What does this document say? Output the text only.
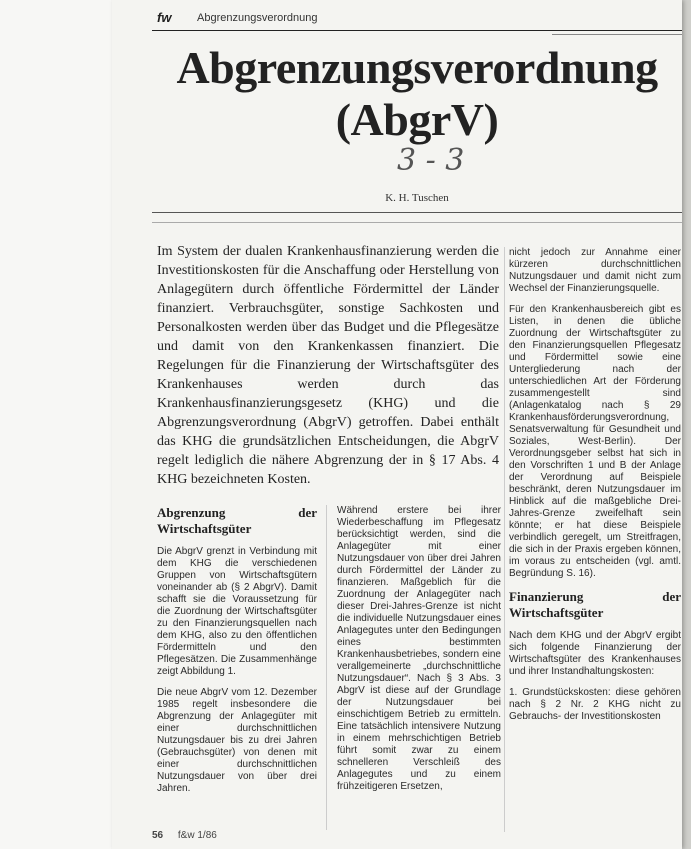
fw Abgrenzungsverordnung
Abgrenzungsverordnung
(AbgrV)
3 - 3
K. H. Tuschen
Im System der dualen Krankenhausfinanzierung werden die Investitionskosten für die Anschaffung oder Herstellung von Anlagegütern durch öffentliche Fördermittel der Länder finanziert. Verbrauchsgüter, sonstige Sachkosten und Personalkosten werden über das Budget und die Pflegesätze und damit von den Krankenkassen finanziert. Die Regelungen für die Finanzierung der Wirtschaftsgüter des Krankenhauses werden durch das Krankenhausfinanzierungsgesetz (KHG) und die Abgrenzungsverordnung (AbgrV) getroffen. Dabei enthält das KHG die grundsätzlichen Entscheidungen, die AbgrV regelt lediglich die nähere Abgrenzung der in § 17 Abs. 4 KHG bezeichneten Kosten.
Abgrenzung der Wirtschaftsgüter

Die AbgrV grenzt in Verbindung mit dem KHG die verschiedenen Gruppen von Wirtschaftsgütern voneinander ab (§ 2 AbgrV). Damit schafft sie die Voraussetzung für die Zuordnung der Wirtschaftsgüter zu den Finanzierungsquellen nach dem KHG, also zu den öffentlichen Fördermitteln und den Pflegesätzen. Die Zusammenhänge zeigt Abbildung 1.

Die neue AbgrV vom 12. Dezember 1985 regelt insbesondere die Abgrenzung der Anlagegüter mit einer durchschnittlichen Nutzungsdauer bis zu drei Jahren (Gebrauchsgüter) von denen mit einer durchschnittlichen Nutzungsdauer von über drei Jahren.

Während erstere bei ihrer Wiederbeschaffung im Pflegesatz berücksichtigt werden, sind die Anlagegüter mit einer Nutzungsdauer von über drei Jahren durch Fördermittel der Länder zu finanzieren. Maßgeblich für die Zuordnung der Anlagegüter nach dieser Drei-Jahres-Grenze ist nicht die individuelle Nutzungsdauer eines Anlagegutes unter den Bedingungen eines bestimmten Krankenhausbetriebes, sondern eine verallgemeinerte „durchschnittliche Nutzungsdauer“. Nach § 3 Abs. 3 AbgrV ist diese auf der Grundlage der Nutzungsdauer bei einschichtigem Betrieb zu ermitteln. Eine tatsächlich intensivere Nutzung in einem mehrschichtigen Betrieb führt somit zwar zu einem schnelleren Verschleiß des Anlagegutes und zu einem frühzeitigeren Ersetzen,

nicht jedoch zur Annahme einer kürzeren durchschnittlichen Nutzungsdauer und damit nicht zum Wechsel der Finanzierungsquelle.

Für den Krankenhausbereich gibt es Listen, in denen die übliche Zuordnung der Wirtschaftsgüter zu den Finanzierungsquellen Pflegesatz und Fördermittel sowie eine Untergliederung nach der unterschiedlichen Art der Förderung zusammengestellt sind (Anlagenkatalog nach § 29 Krankenhausförderungsverordnung, Senatsverwaltung für Gesundheit und Soziales, West-Berlin). Der Verordnungsgeber selbst hat sich in den Vorschriften 1 und B der Anlage der Verordnung auf Beispiele beschränkt, deren Nutzungsdauer im Hinblick auf die maßgebliche Drei-Jahres-Grenze zweifelhaft sein könnte; er hat diese Beispiele verbindlich geregelt, um Streitfragen, die sich in der Praxis ergeben können, im voraus zu entscheiden (vgl. amtl. Begründung S. 16).

Finanzierung der Wirtschaftsgüter

Nach dem KHG und der AbgrV ergibt sich folgende Finanzierung der Wirtschaftsgüter des Krankenhauses und ihrer Instandhaltungskosten:

1. Grundstückskosten: diese gehören nach § 2 Nr. 2 KHG nicht zu Gebrauchs- der Investitionskosten

56 f&w 1/86
